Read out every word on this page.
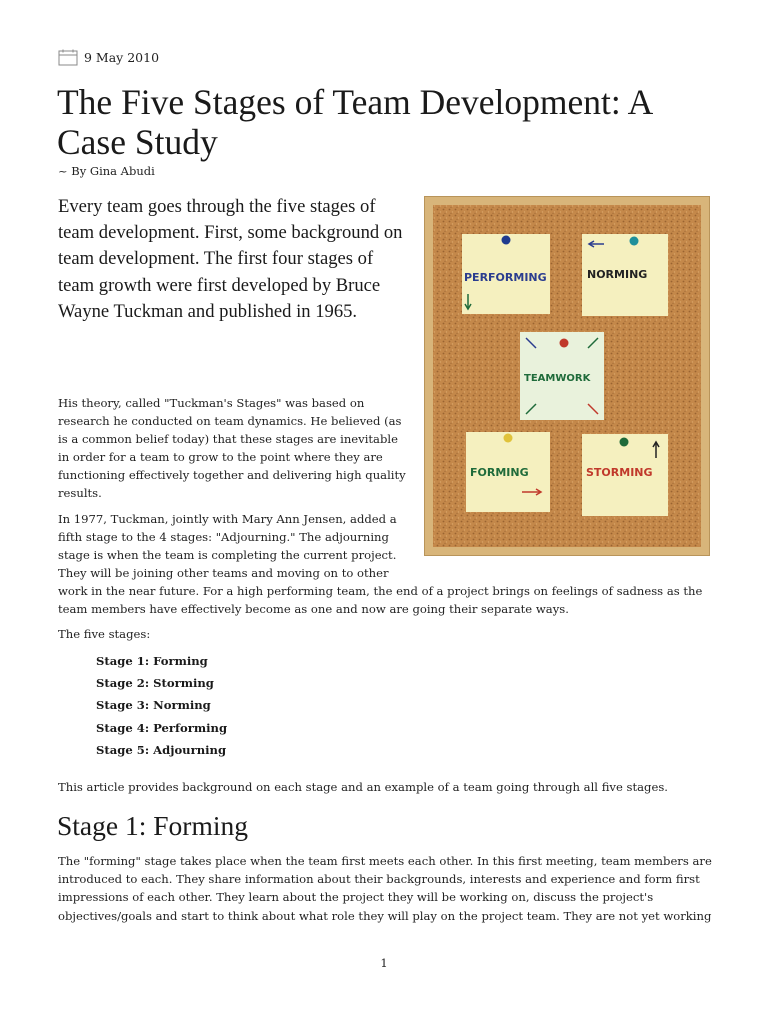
9 May 2010
The Five Stages of Team Development: A Case Study
~ By Gina Abudi

Every team goes through the five stages of team development. First, some background on team development. The first four stages of team growth were first developed by Bruce Wayne Tuckman and published in 1965.

PERFORMING	NORMING
TEAMWORK
FORMING	STORMING

His theory, called "Tuckman's Stages" was based on research he conducted on team dynamics. He believed (as is a common belief today) that these stages are inevitable in order for a team to grow to the point where they are functioning effectively together and delivering high quality results.

In 1977, Tuckman, jointly with Mary Ann Jensen, added a fifth stage to the 4 stages: "Adjourning." The adjourning stage is when the team is completing the current project. They will be joining other teams and moving on to other
work in the near future. For a high performing team, the end of a project brings on feelings of sadness as the team members have effectively become as one and now are going their separate ways.

The five stages:

Stage 1: Forming
Stage 2: Storming
Stage 3: Norming
Stage 4: Performing
Stage 5: Adjourning

This article provides background on each stage and an example of a team going through all five stages.

Stage 1: Forming

The "forming" stage takes place when the team first meets each other. In this first meeting, team members are introduced to each. They share information about their backgrounds, interests and experience and form first impressions of each other. They learn about the project they will be working on, discuss the project's objectives/goals and start to think about what role they will play on the project team. They are not yet working

1
